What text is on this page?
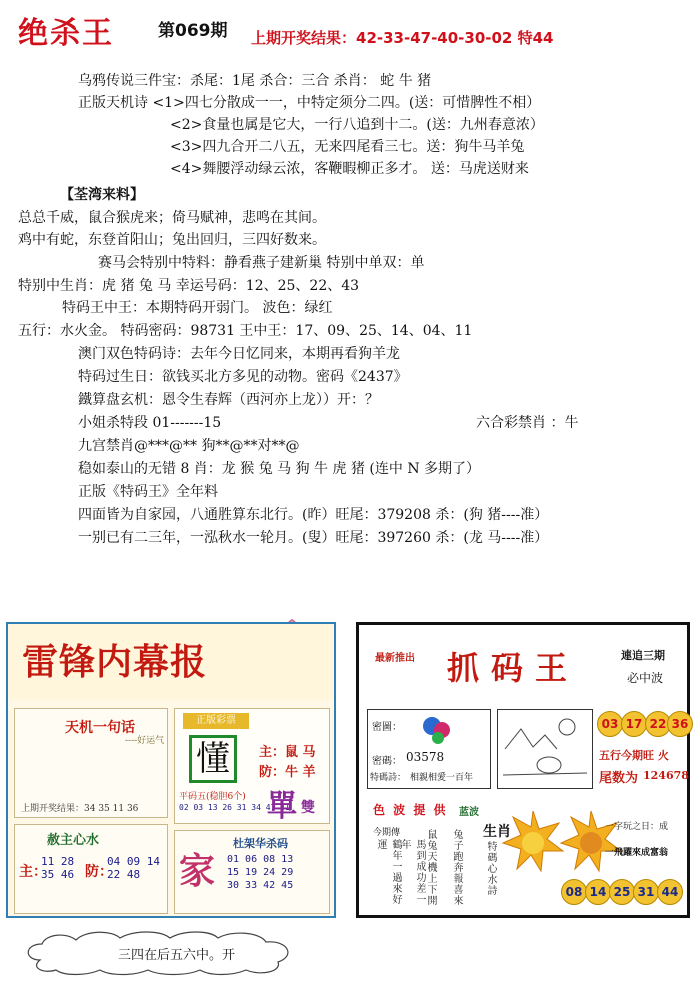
绝杀王	第069期 上期开奖结果：42-33-47-40-30-02 特44
乌鸦传说三件宝：杀尾：1尾 杀合：三合 杀肖： 蛇 牛 猪
正版天机诗 <1>四七分散成一一，中特定须分二四。(送：可惜脾性不相）
<2>食量也属是它大，一行八追到十二。(送：九州春意浓）
<3>四九合开二八五，无来四尾看三七。送：狗牛马羊兔
<4>舞腰浮动绿云浓，客鞭暇柳正多才。 送：马虎送财来
【荃湾来料】
总总千威，鼠合猴虎来；倚马赋神，悲鸣在其间。
鸡中有蛇，东登首阳山；兔出回归，三四好数来。
赛马会特别中特料：静看燕子建新巢 特别中单双：单
特别中生肖：虎 猪 兔 马 幸运号码：12、25、22、43
特码王中王：本期特码开弱门。 波色：绿红
五行：水火金。 特码密码：98731 王中王：17、09、25、14、04、11
澳门双色特码诗：去年今日忆同来，本期再看狗羊龙
特码过生日：欲钱买北方多见的动物。密码《2437》
鐵算盘玄机：恩令生春辉（西河亦上龙））开：？
小姐杀特段 01-------15	六合彩禁肖 ：牛
九宫禁肖@***@** 狗**@**对**@
稳如泰山的无错 8 肖：龙 猴 兔 马 狗 牛 虎 猪 (连中 N 多期了）
正版《特码王》全年料
四面皆为自家园，八通胜算东北行。(昨）旺尾：379208 杀：(狗 猪----准）
一别已有二三年，一泓秋水一轮月。(叟）旺尾：397260 杀：(龙 马----准）
雷锋内幕报
天机一句话
----好运气
上期开奖结果：34 35 11 36
正版彩票
懂	主：鼠 马
防：牛 羊
平码五(稳胆6个)
02 03 13 26 31 34 47 41
單 雙
赦主心水
主：
11 28
35 46 防：
04 09 14
22 48	家
杜架华杀码
01 06 08 13
15 19 24 29
30 33 42 45
最新推出 抓码王	連追三期
必中波
密圖：
密碼： 03578
特碼詩： 相親相愛一百年
03 17 22 36
五行今期旺 火
尾数为 124678
色 波 提 供 蓝波
今期傳	生肖
鶴年一過來好運	馬到成功差一年	鼠兔天機上下開 兔子跑奔報喜來 特碼心水詩
一字玩之日：成
一飛躍來成富翁
08 14 25 31 44
三四在后五六中。开
